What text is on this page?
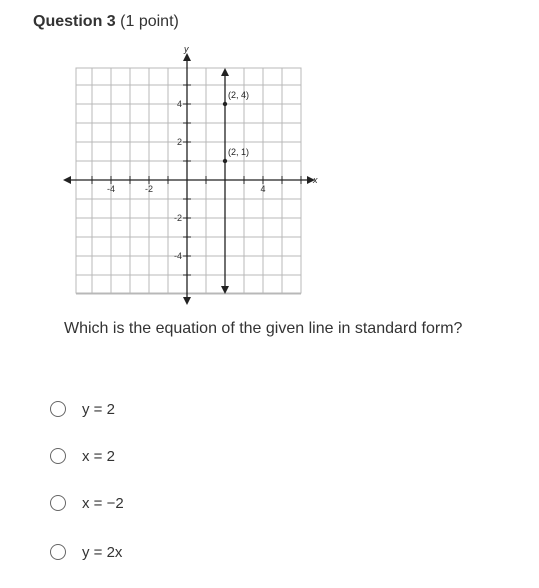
Question 3 (1 point)
x
y
-4	-2	4
4
2
-2
-4
(2, 4)
(2, 1)
Which is the equation of the given line in standard form?
y = 2
x = 2
x = −2
y = 2x
